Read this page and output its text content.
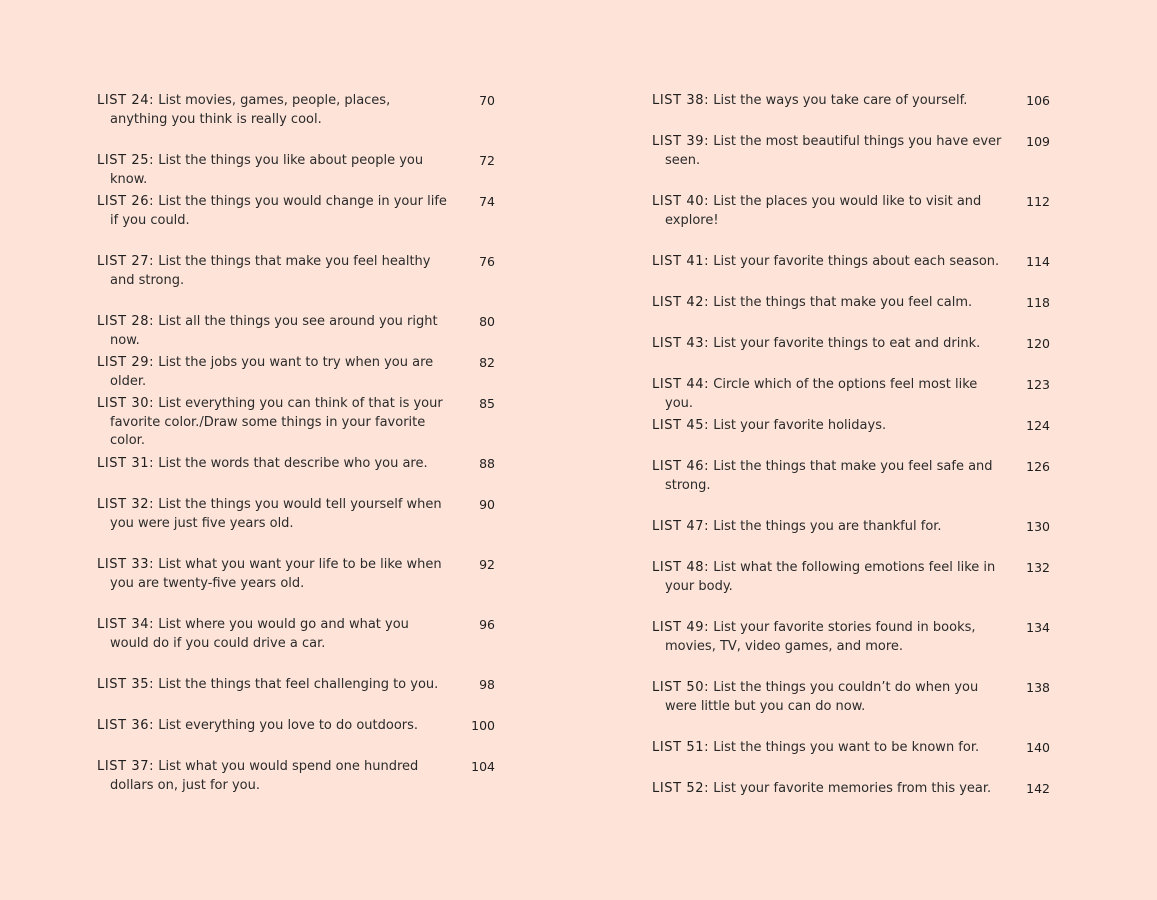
LIST 24: List movies, games, people, places, anything you think is really cool.
70
LIST 25: List the things you like about people you know.
72
LIST 26: List the things you would change in your life if you could.
74
LIST 27: List the things that make you feel healthy and strong.
76
LIST 28: List all the things you see around you right now.
80
LIST 29: List the jobs you want to try when you are older.
82
LIST 30: List everything you can think of that is your favorite color./Draw some things in your favorite color.
85
LIST 31: List the words that describe who you are.	88
LIST 32: List the things you would tell yourself when you were just five years old.
90
LIST 33: List what you want your life to be like when you are twenty-five years old.
92
LIST 34: List where you would go and what you would do if you could drive a car.
96
LIST 35: List the things that feel challenging to you.	98
LIST 36: List everything you love to do outdoors.	100
LIST 37: List what you would spend one hundred dollars on, just for you.
104
LIST 38: List the ways you take care of yourself.	106
LIST 39: List the most beautiful things you have ever seen.
109
LIST 40: List the places you would like to visit and explore!
112
LIST 41: List your favorite things about each season.	114
LIST 42: List the things that make you feel calm.	118
LIST 43: List your favorite things to eat and drink.	120
LIST 44: Circle which of the options feel most like you.
123
LIST 45: List your favorite holidays.	124
LIST 46: List the things that make you feel safe and strong.
126
LIST 47: List the things you are thankful for.	130
LIST 48: List what the following emotions feel like in your body.
132
LIST 49: List your favorite stories found in books, movies, TV, video games, and more.
134
LIST 50: List the things you couldn’t do when you were little but you can do now.
138
LIST 51: List the things you want to be known for.	140
LIST 52: List your favorite memories from this year.	142
